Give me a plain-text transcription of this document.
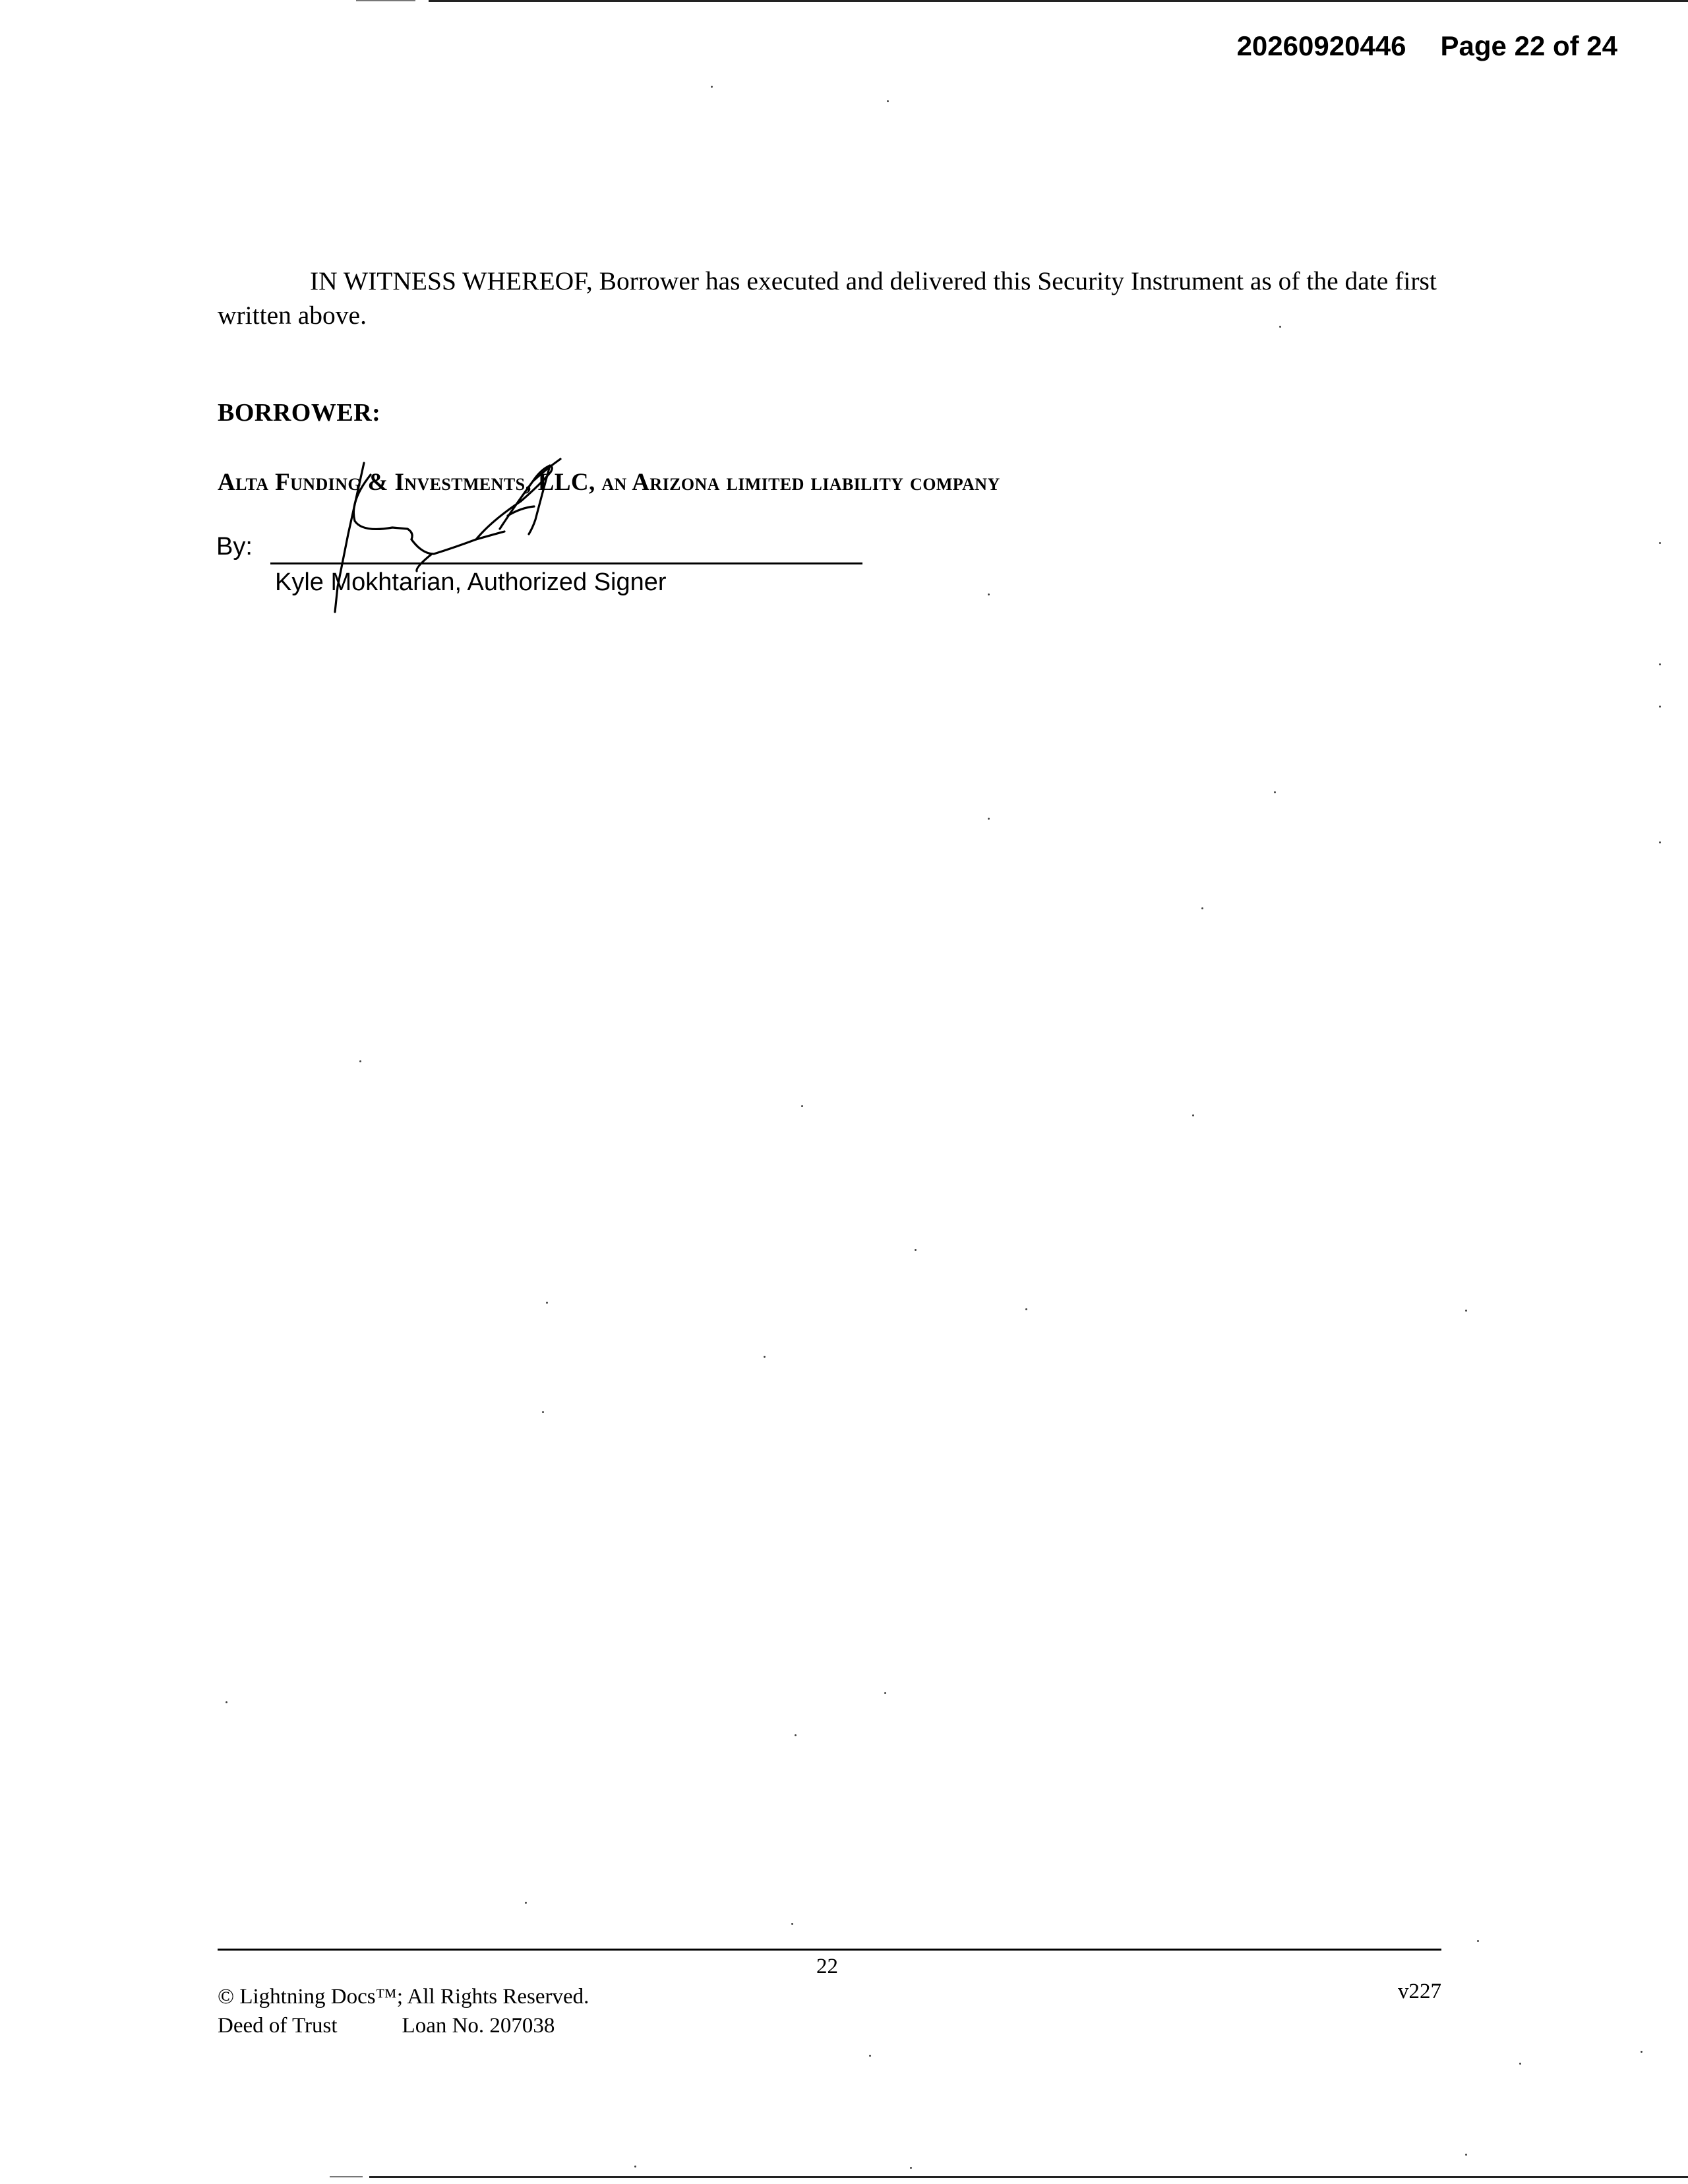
20260920446 Page 22 of 24

IN WITNESS WHEREOF, Borrower has executed and delivered this Security Instrument as of the date first written above.

BORROWER:
Alta Funding & Investments, LLC, an Arizona limited liability company
By:
Kyle Mokhtarian, Authorized Signer
22
© Lightning Docs™; All Rights Reserved.
Deed of Trust	Loan No. 207038
v227
